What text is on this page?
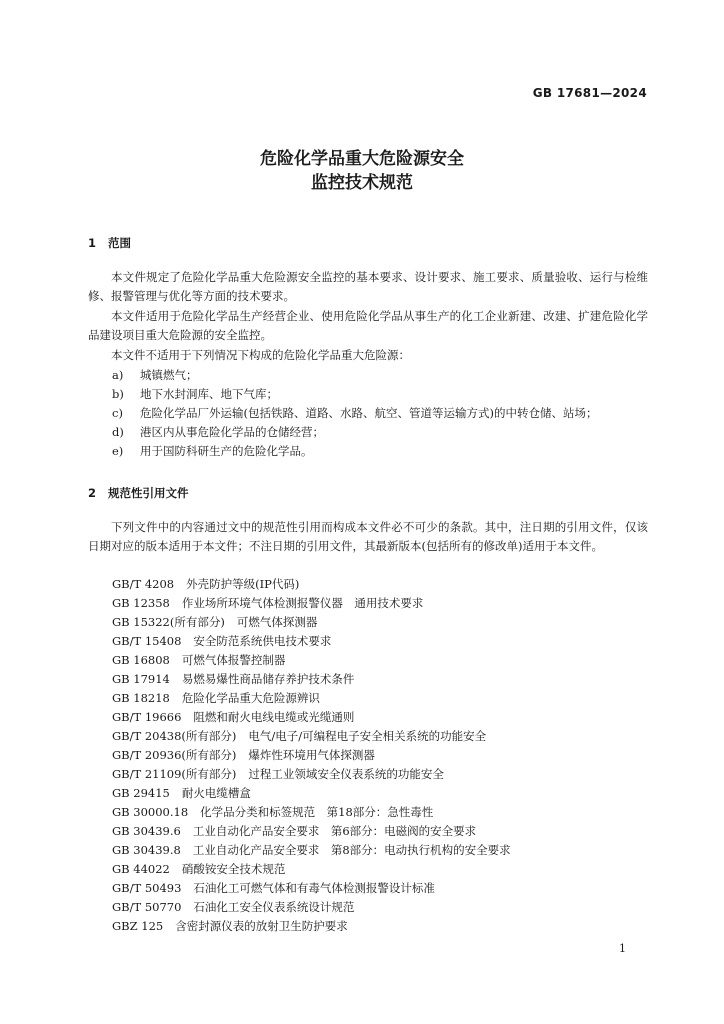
GB 17681—2024
危险化学品重大危险源安全
监控技术规范
1 范围
本文件规定了危险化学品重大危险源安全监控的基本要求、设计要求、施工要求、质量验收、运行与检维修、报警管理与优化等方面的技术要求。
本文件适用于危险化学品生产经营企业、使用危险化学品从事生产的化工企业新建、改建、扩建危险化学品建设项目重大危险源的安全监控。
本文件不适用于下列情况下构成的危险化学品重大危险源：
a) 城镇燃气；
b) 地下水封洞库、地下气库；
c) 危险化学品厂外运输(包括铁路、道路、水路、航空、管道等运输方式)的中转仓储、站场；
d) 港区内从事危险化学品的仓储经营；
e) 用于国防科研生产的危险化学品。
2 规范性引用文件
下列文件中的内容通过文中的规范性引用而构成本文件必不可少的条款。其中，注日期的引用文件，仅该日期对应的版本适用于本文件；不注日期的引用文件，其最新版本(包括所有的修改单)适用于本文件。
GB/T 4208 外壳防护等级(IP代码)
GB 12358 作业场所环境气体检测报警仪器　通用技术要求
GB 15322(所有部分) 可燃气体探测器
GB/T 15408 安全防范系统供电技术要求
GB 16808 可燃气体报警控制器
GB 17914 易燃易爆性商品储存养护技术条件
GB 18218 危险化学品重大危险源辨识
GB/T 19666 阻燃和耐火电线电缆或光缆通则
GB/T 20438(所有部分) 电气/电子/可编程电子安全相关系统的功能安全
GB/T 20936(所有部分) 爆炸性环境用气体探测器
GB/T 21109(所有部分) 过程工业领域安全仪表系统的功能安全
GB 29415 耐火电缆槽盒
GB 30000.18 化学品分类和标签规范　第18部分：急性毒性
GB 30439.6 工业自动化产品安全要求　第6部分：电磁阀的安全要求
GB 30439.8 工业自动化产品安全要求　第8部分：电动执行机构的安全要求
GB 44022 硝酸铵安全技术规范
GB/T 50493 石油化工可燃气体和有毒气体检测报警设计标准
GB/T 50770 石油化工安全仪表系统设计规范
GBZ 125 含密封源仪表的放射卫生防护要求
1
